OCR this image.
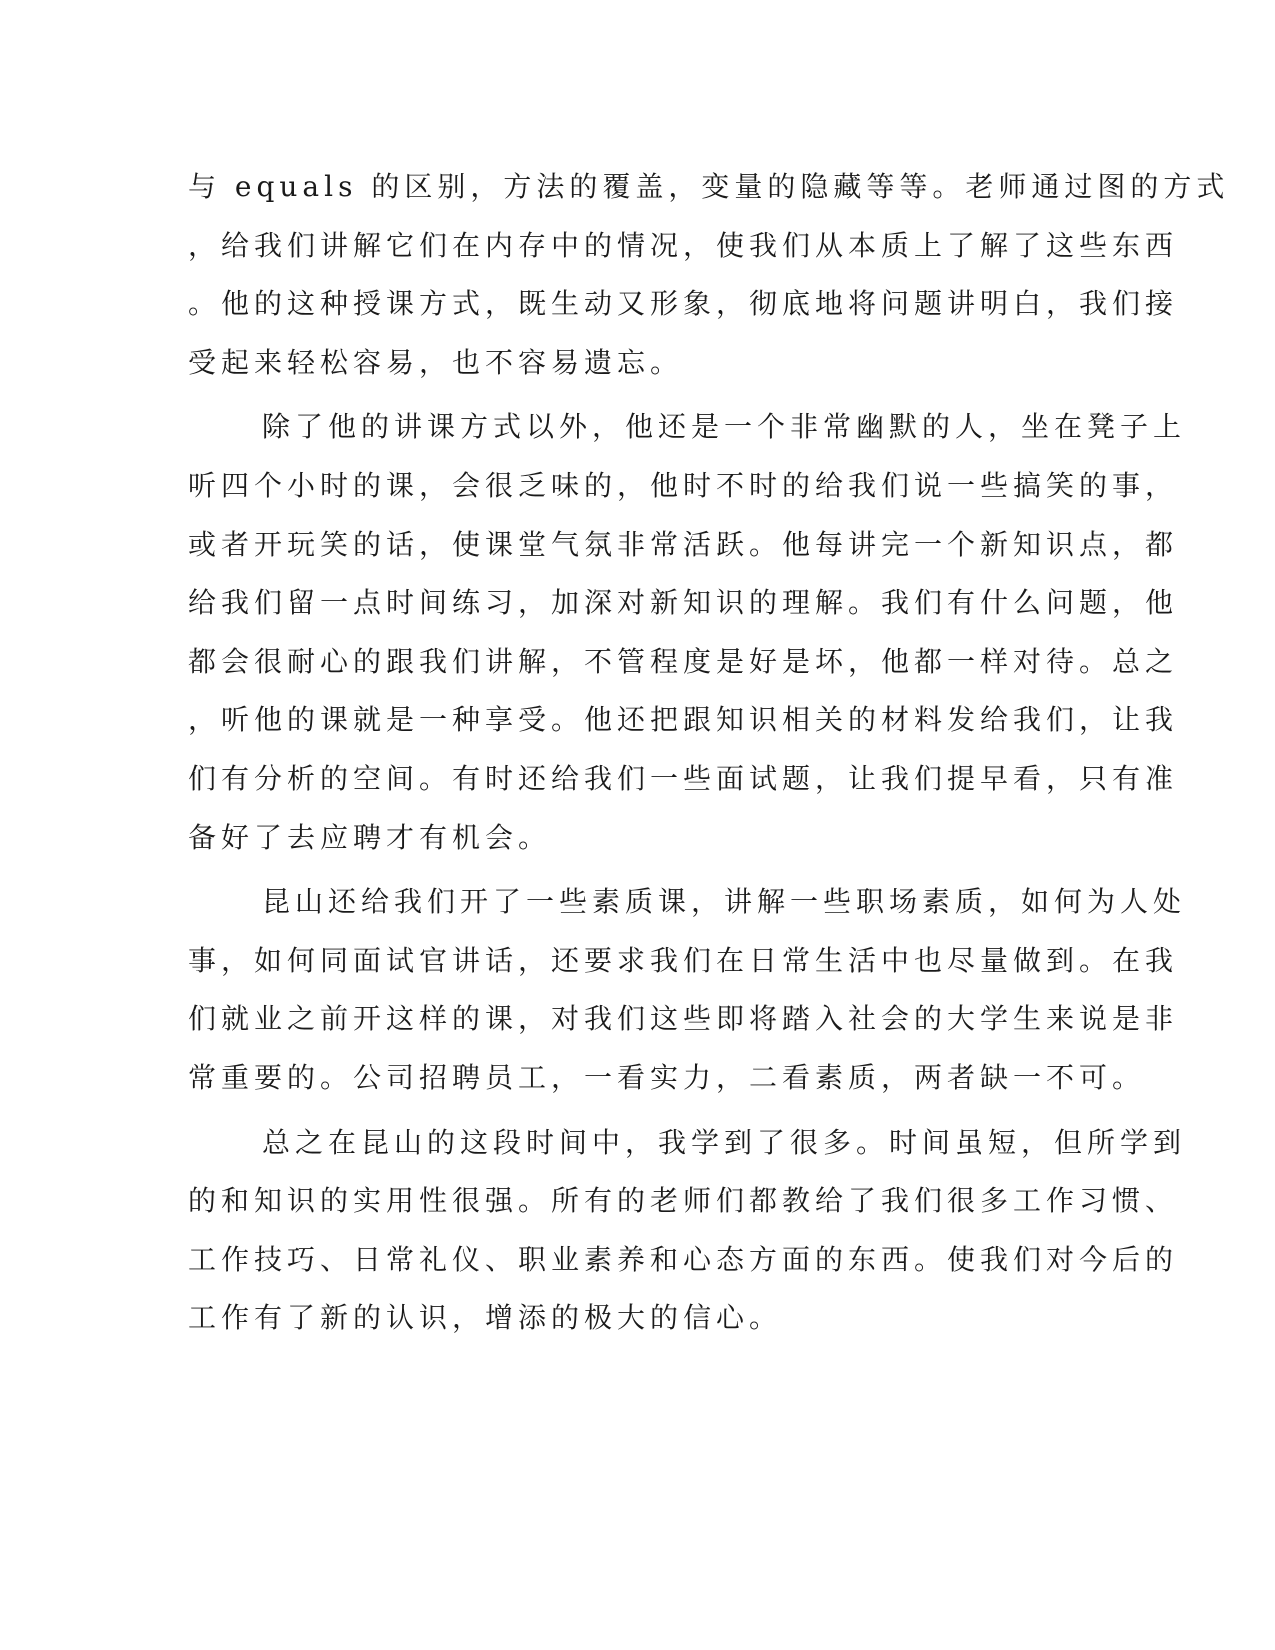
与 equals 的区别，方法的覆盖，变量的隐藏等等。老师通过图的方式
，给我们讲解它们在内存中的情况，使我们从本质上了解了这些东西
。他的这种授课方式，既生动又形象，彻底地将问题讲明白，我们接
受起来轻松容易，也不容易遗忘。
除了他的讲课方式以外，他还是一个非常幽默的人，坐在凳子上
听四个小时的课，会很乏味的，他时不时的给我们说一些搞笑的事，
或者开玩笑的话，使课堂气氛非常活跃。他每讲完一个新知识点，都
给我们留一点时间练习，加深对新知识的理解。我们有什么问题，他
都会很耐心的跟我们讲解，不管程度是好是坏，他都一样对待。总之
，听他的课就是一种享受。他还把跟知识相关的材料发给我们，让我
们有分析的空间。有时还给我们一些面试题，让我们提早看，只有准
备好了去应聘才有机会。
昆山还给我们开了一些素质课，讲解一些职场素质，如何为人处
事，如何同面试官讲话，还要求我们在日常生活中也尽量做到。在我
们就业之前开这样的课，对我们这些即将踏入社会的大学生来说是非
常重要的。公司招聘员工，一看实力，二看素质，两者缺一不可。
总之在昆山的这段时间中，我学到了很多。时间虽短，但所学到
的和知识的实用性很强。所有的老师们都教给了我们很多工作习惯、
工作技巧、日常礼仪、职业素养和心态方面的东西。使我们对今后的
工作有了新的认识，增添的极大的信心。
